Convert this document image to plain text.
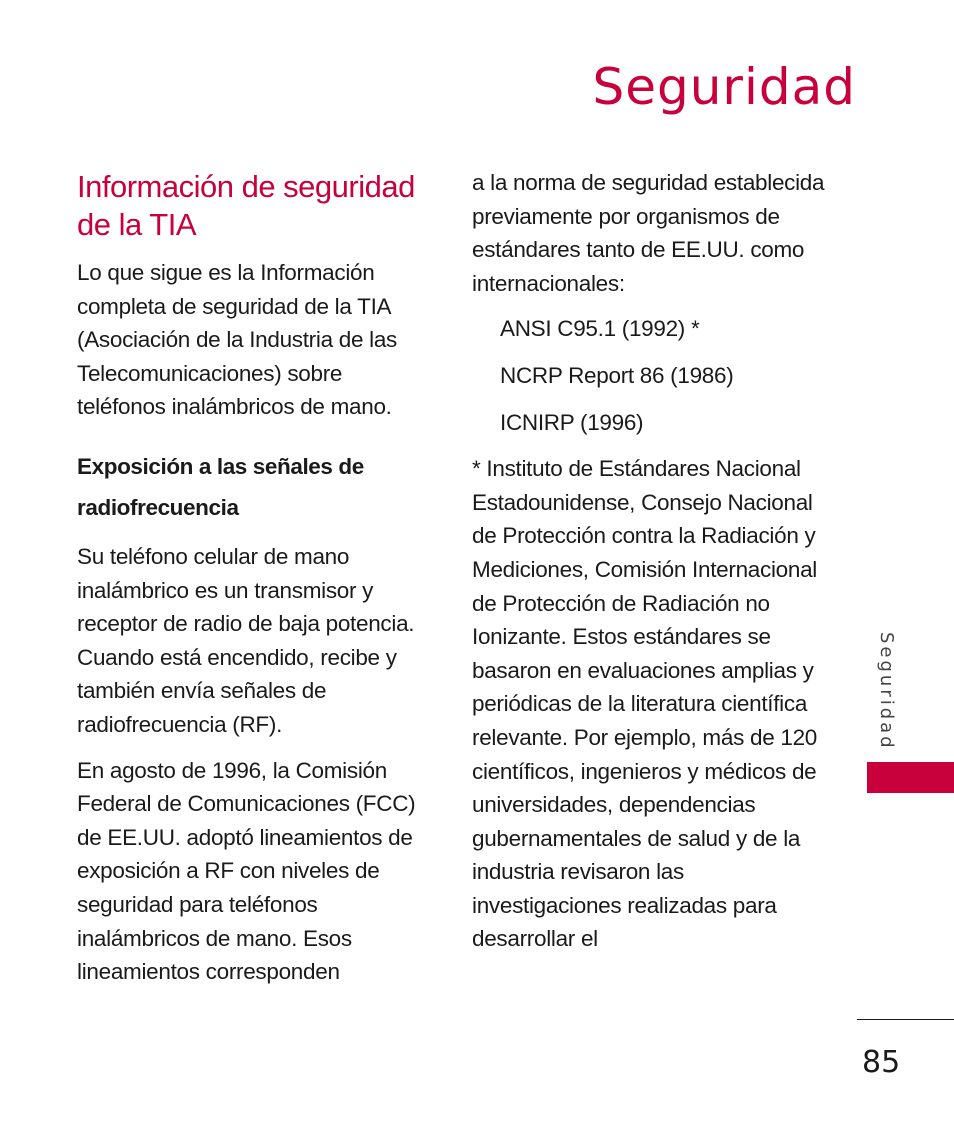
Seguridad
Información de seguridad de la TIA

Lo que sigue es la Información completa de seguridad de la TIA (Asociación de la Industria de las Telecomunicaciones) sobre teléfonos inalámbricos de mano.

Exposición a las señales de radiofrecuencia

Su teléfono celular de mano inalámbrico es un transmisor y receptor de radio de baja potencia. Cuando está encendido, recibe y también envía señales de radiofrecuencia (RF).

En agosto de 1996, la Comisión Federal de Comunicaciones (FCC) de EE.UU. adoptó lineamientos de exposición a RF con niveles de seguridad para teléfonos inalámbricos de mano. Esos lineamientos corresponden

a la norma de seguridad establecida previamente por organismos de estándares tanto de EE.UU. como internacionales:

ANSI C95.1 (1992) *
NCRP Report 86 (1986)
ICNIRP (1996)

* Instituto de Estándares Nacional Estadounidense, Consejo Nacional de Protección contra la Radiación y Mediciones, Comisión Internacional de Protección de Radiación no Ionizante. Estos estándares se basaron en evaluaciones amplias y periódicas de la literatura científica relevante. Por ejemplo, más de 120 científicos, ingenieros y médicos de universidades, dependencias gubernamentales de salud y de la industria revisaron las investigaciones realizadas para desarrollar el

Seguridad
85
